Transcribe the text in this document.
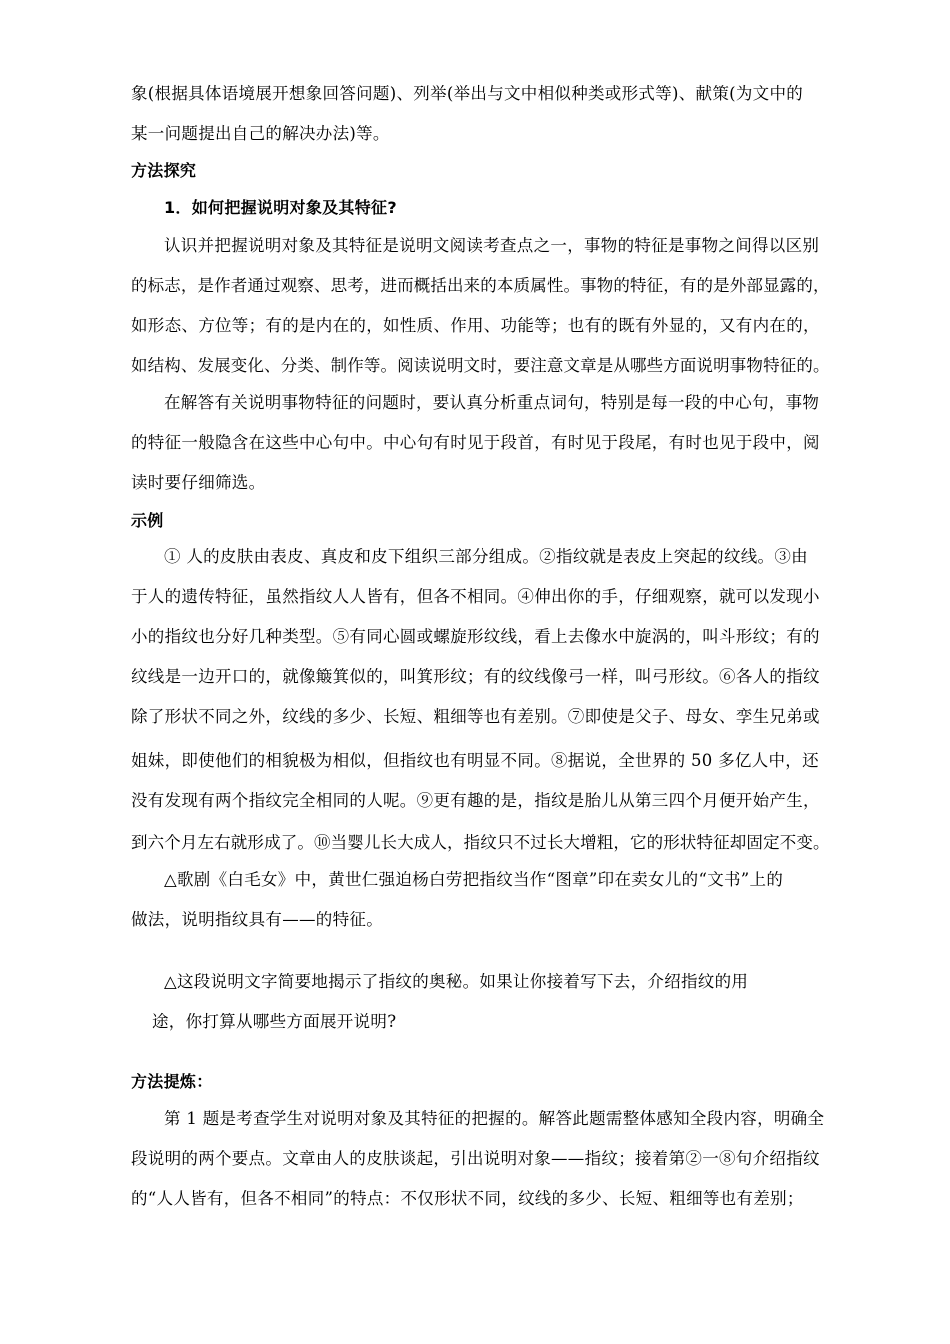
象(根据具体语境展开想象回答问题)、列举(举出与文中相似种类或形式等)、献策(为文中的
某一问题提出自己的解决办法)等。
方法探究
1．如何把握说明对象及其特征?
认识并把握说明对象及其特征是说明文阅读考查点之一，事物的特征是事物之间得以区别
的标志，是作者通过观察、思考，进而概括出来的本质属性。事物的特征，有的是外部显露的，
如形态、方位等；有的是内在的，如性质、作用、功能等；也有的既有外显的，又有内在的，
如结构、发展变化、分类、制作等。阅读说明文时，要注意文章是从哪些方面说明事物特征的。
在解答有关说明事物特征的问题时，要认真分析重点词句，特别是每一段的中心句，事物
的特征一般隐含在这些中心句中。中心句有时见于段首，有时见于段尾，有时也见于段中，阅
读时要仔细筛选。
示例
① 人的皮肤由表皮、真皮和皮下组织三部分组成。②指纹就是表皮上突起的纹线。③由
于人的遗传特征，虽然指纹人人皆有，但各不相同。④伸出你的手，仔细观察，就可以发现小
小的指纹也分好几种类型。⑤有同心圆或螺旋形纹线，看上去像水中旋涡的，叫斗形纹；有的
纹线是一边开口的，就像簸箕似的，叫箕形纹；有的纹线像弓一样，叫弓形纹。⑥各人的指纹
除了形状不同之外，纹线的多少、长短、粗细等也有差别。⑦即使是父子、母女、孪生兄弟或
姐妹，即使他们的相貌极为相似，但指纹也有明显不同。⑧据说，全世界的 50 多亿人中，还
没有发现有两个指纹完全相同的人呢。⑨更有趣的是，指纹是胎儿从第三四个月便开始产生，
到六个月左右就形成了。⑩当婴儿长大成人，指纹只不过长大增粗，它的形状特征却固定不变。
△歌剧《白毛女》中，黄世仁强迫杨白劳把指纹当作“图章”印在卖女儿的“文书”上的
做法，说明指纹具有——的特征。
△这段说明文字简要地揭示了指纹的奥秘。如果让你接着写下去，介绍指纹的用
途，你打算从哪些方面展开说明?
方法提炼：
第 1 题是考查学生对说明对象及其特征的把握的。解答此题需整体感知全段内容，明确全
段说明的两个要点。文章由人的皮肤谈起，引出说明对象——指纹；接着第②一⑧句介绍指纹
的“人人皆有，但各不相同”的特点：不仅形状不同，纹线的多少、长短、粗细等也有差别；
